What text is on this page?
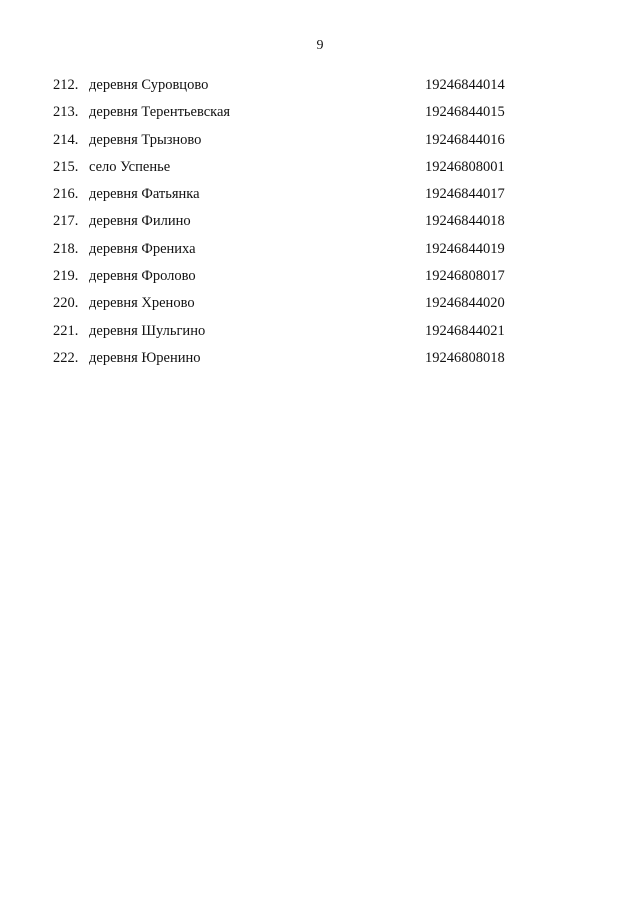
9
212. деревня Суровцово	19246844014
213. деревня Терентьевская	19246844015
214. деревня Трызново	19246844016
215. село Успенье	19246808001
216. деревня Фатьянка	19246844017
217. деревня Филино	19246844018
218. деревня Френиха	19246844019
219. деревня Фролово	19246808017
220. деревня Хреново	19246844020
221. деревня Шульгино	19246844021
222. деревня Юренино	19246808018
